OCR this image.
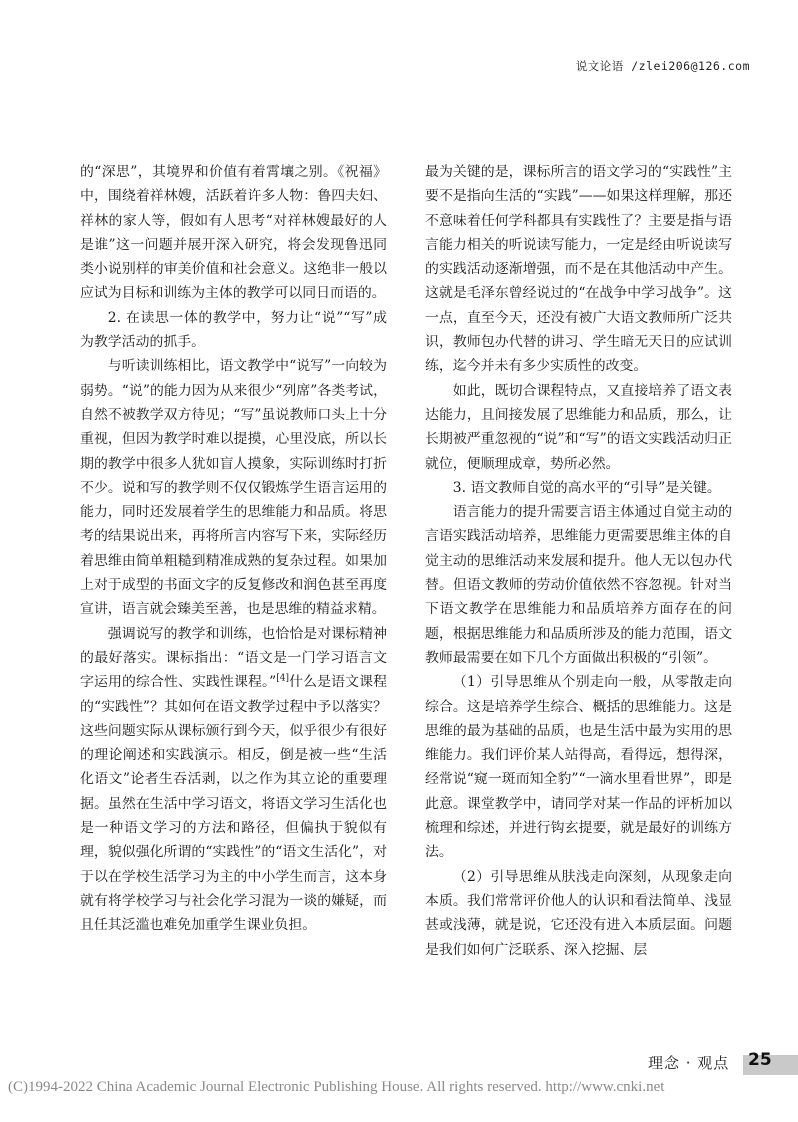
说文论语 /zlei206@126.com

的“深思”，其境界和价值有着霄壤之别。《祝福》中，围绕着祥林嫂，活跃着许多人物：鲁四夫妇、祥林的家人等，假如有人思考“对祥林嫂最好的人是谁”这一问题并展开深入研究，将会发现鲁迅同类小说别样的审美价值和社会意义。这绝非一般以应试为目标和训练为主体的教学可以同日而语的。

2. 在读思一体的教学中，努力让“说”“写”成为教学活动的抓手。

与听读训练相比，语文教学中“说写”一向较为弱势。“说”的能力因为从来很少“列席”各类考试，自然不被教学双方待见；“写”虽说教师口头上十分重视，但因为教学时难以提摸，心里没底，所以长期的教学中很多人犹如盲人摸象，实际训练时打折不少。说和写的教学则不仅仅锻炼学生语言运用的能力，同时还发展着学生的思维能力和品质。将思考的结果说出来，再将所言内容写下来，实际经历着思维由简单粗糙到精准成熟的复杂过程。如果加上对于成型的书面文字的反复修改和润色甚至再度宣讲，语言就会臻美至善，也是思维的精益求精。

强调说写的教学和训练，也恰恰是对课标精神的最好落实。课标指出：“语文是一门学习语言文字运用的综合性、实践性课程。”[4]什么是语文课程的“实践性”？其如何在语文教学过程中予以落实？这些问题实际从课标颁行到今天，似乎很少有很好的理论阐述和实践演示。相反，倒是被一些“生活化语文”论者生吞活剥，以之作为其立论的重要理据。虽然在生活中学习语文，将语文学习生活化也是一种语文学习的方法和路径，但偏执于貌似有理，貌似强化所谓的“实践性”的“语文生活化”，对于以在学校生活学习为主的中小学生而言，这本身就有将学校学习与社会化学习混为一谈的嫌疑，而且任其泛滥也难免加重学生课业负担。

最为关键的是，课标所言的语文学习的“实践性”主要不是指向生活的“实践”——如果这样理解，那还不意味着任何学科都具有实践性了？主要是指与语言能力相关的听说读写能力，一定是经由听说读写的实践活动逐渐增强，而不是在其他活动中产生。这就是毛泽东曾经说过的“在战争中学习战争”。这一点，直至今天，还没有被广大语文教师所广泛共识，教师包办代替的讲习、学生暗无天日的应试训练，迄今并未有多少实质性的改变。

如此，既切合课程特点，又直接培养了语文表达能力，且间接发展了思维能力和品质，那么，让长期被严重忽视的“说”和“写”的语文实践活动归正就位，便顺理成章，势所必然。

3. 语文教师自觉的高水平的“引导”是关键。

语言能力的提升需要言语主体通过自觉主动的言语实践活动培养，思维能力更需要思维主体的自觉主动的思维活动来发展和提升。他人无以包办代替。但语文教师的劳动价值依然不容忽视。针对当下语文教学在思维能力和品质培养方面存在的问题，根据思维能力和品质所涉及的能力范围，语文教师最需要在如下几个方面做出积极的“引领”。

（1）引导思维从个别走向一般，从零散走向综合。这是培养学生综合、概括的思维能力。这是思维的最为基础的品质，也是生活中最为实用的思维能力。我们评价某人站得高，看得远，想得深，经常说“窥一斑而知全豹”“一滴水里看世界”，即是此意。课堂教学中，请同学对某一作品的评析加以梳理和综述，并进行钩玄提要，就是最好的训练方法。

（2）引导思维从肤浅走向深刻，从现象走向本质。我们常常评价他人的认识和看法简单、浅显甚或浅薄，就是说，它还没有进入本质层面。问题是我们如何广泛联系、深入挖掘、层

理念 · 观点 25
(C)1994-2022 China Academic Journal Electronic Publishing House. All rights reserved. http://www.cnki.net
